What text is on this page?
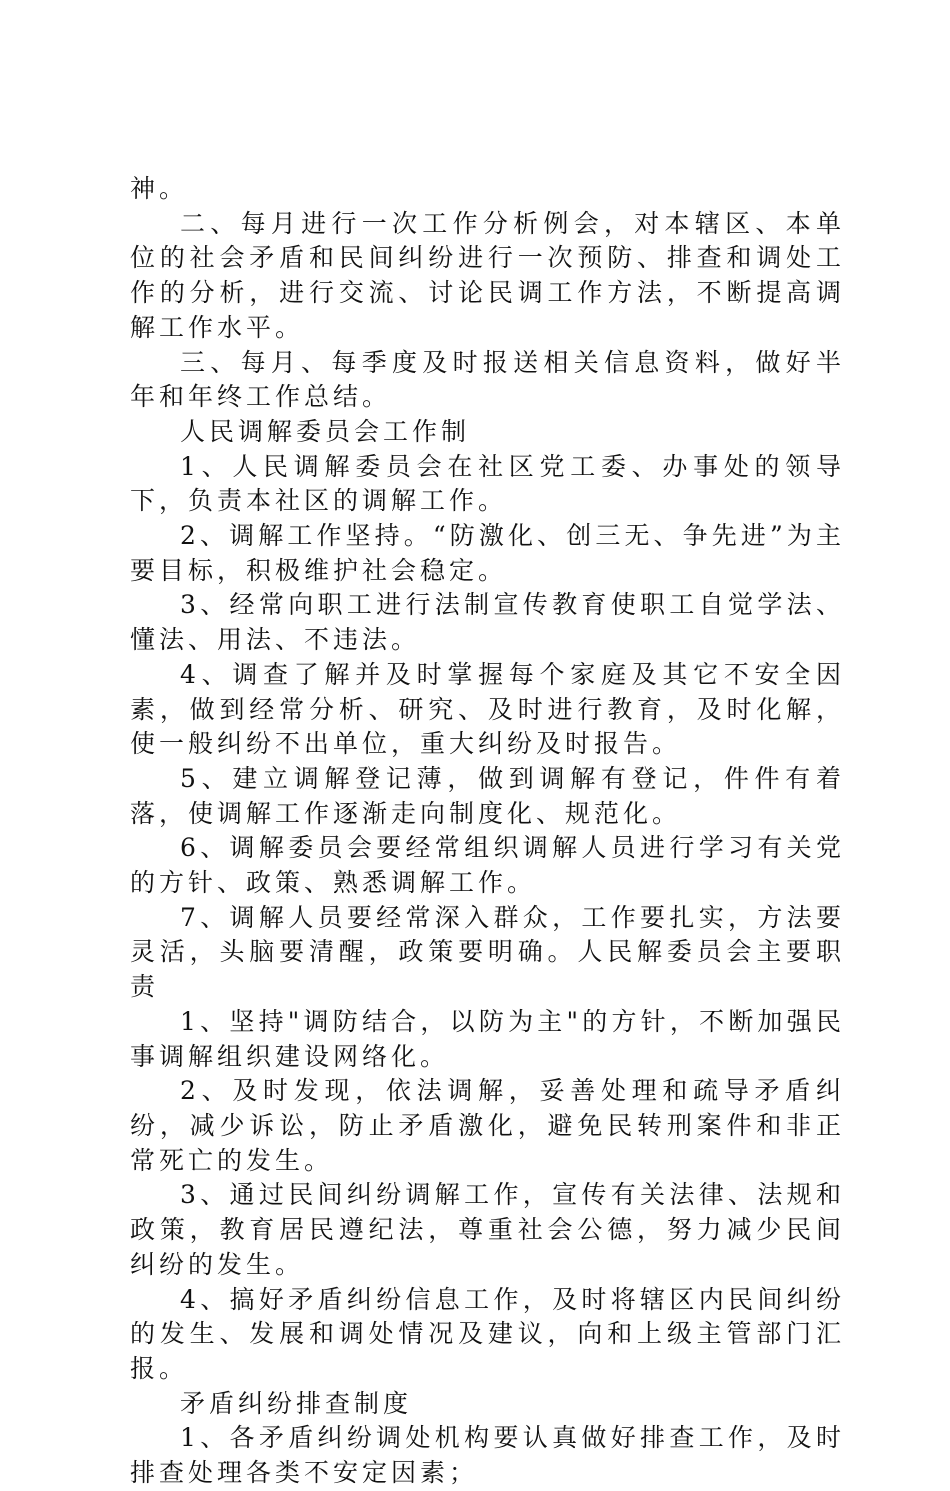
神。

二、每月进行一次工作分析例会，对本辖区、本单位的社会矛盾和民间纠纷进行一次预防、排查和调处工作的分析，进行交流、讨论民调工作方法，不断提高调解工作水平。

三、每月、每季度及时报送相关信息资料，做好半年和年终工作总结。

人民调解委员会工作制

1、人民调解委员会在社区党工委、办事处的领导下，负责本社区的调解工作。

2、调解工作坚持。“防激化、创三无、争先进”为主要目标，积极维护社会稳定。

3、经常向职工进行法制宣传教育使职工自觉学法、懂法、用法、不违法。

4、调查了解并及时掌握每个家庭及其它不安全因素，做到经常分析、研究、及时进行教育，及时化解，使一般纠纷不出单位，重大纠纷及时报告。

5、建立调解登记薄，做到调解有登记，件件有着落，使调解工作逐渐走向制度化、规范化。

6、调解委员会要经常组织调解人员进行学习有关党的方针、政策、熟悉调解工作。

7、调解人员要经常深入群众，工作要扎实，方法要灵活，头脑要清醒，政策要明确。人民解委员会主要职责

1、坚持"调防结合，以防为主"的方针，不断加强民事调解组织建设网络化。

2、及时发现，依法调解，妥善处理和疏导矛盾纠纷，减少诉讼，防止矛盾激化，避免民转刑案件和非正常死亡的发生。

3、通过民间纠纷调解工作，宣传有关法律、法规和政策，教育居民遵纪法，尊重社会公德，努力减少民间纠纷的发生。

4、搞好矛盾纠纷信息工作，及时将辖区内民间纠纷的发生、发展和调处情况及建议，向和上级主管部门汇报。

矛盾纠纷排查制度

1、各矛盾纠纷调处机构要认真做好排查工作，及时排查处理各类不安定因素；
